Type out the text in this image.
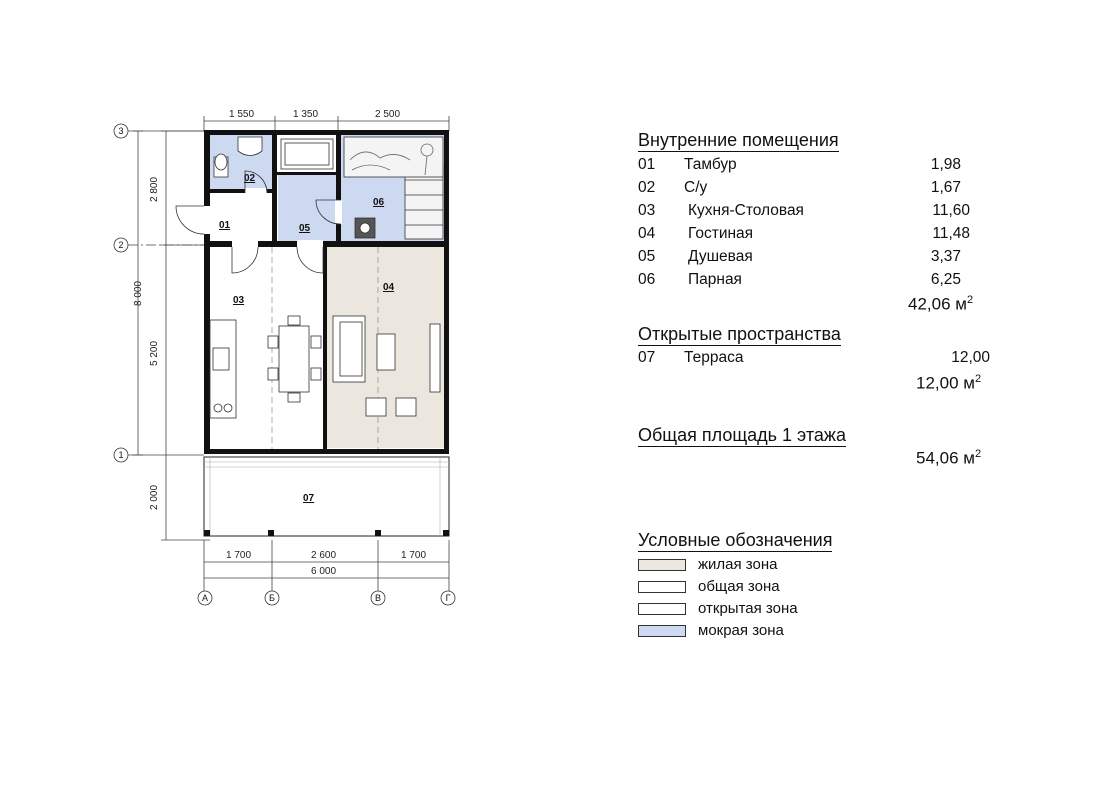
01
02
03
04
05
06
07
1 550	1 350	2 500
1 700	2 600	1 700
6 000
2 800
5 200
2 000
8 000
3
2
1
А	Б	В	Г
Внутренние помещения
01 Тамбур	1,98
02 С/у	1,67
03 Кухня-Столовая	11,60
04 Гостиная	11,48
05 Душевая	3,37
06 Парная	6,25
42,06 $м^2$
Открытые пространства
07 Терраса	12,00
12,00 $м^2$
Общая площадь 1 этажа
54,06 $м^2$
Условные обозначения
жилая зона
общая зона
открытая зона
мокрая зона
